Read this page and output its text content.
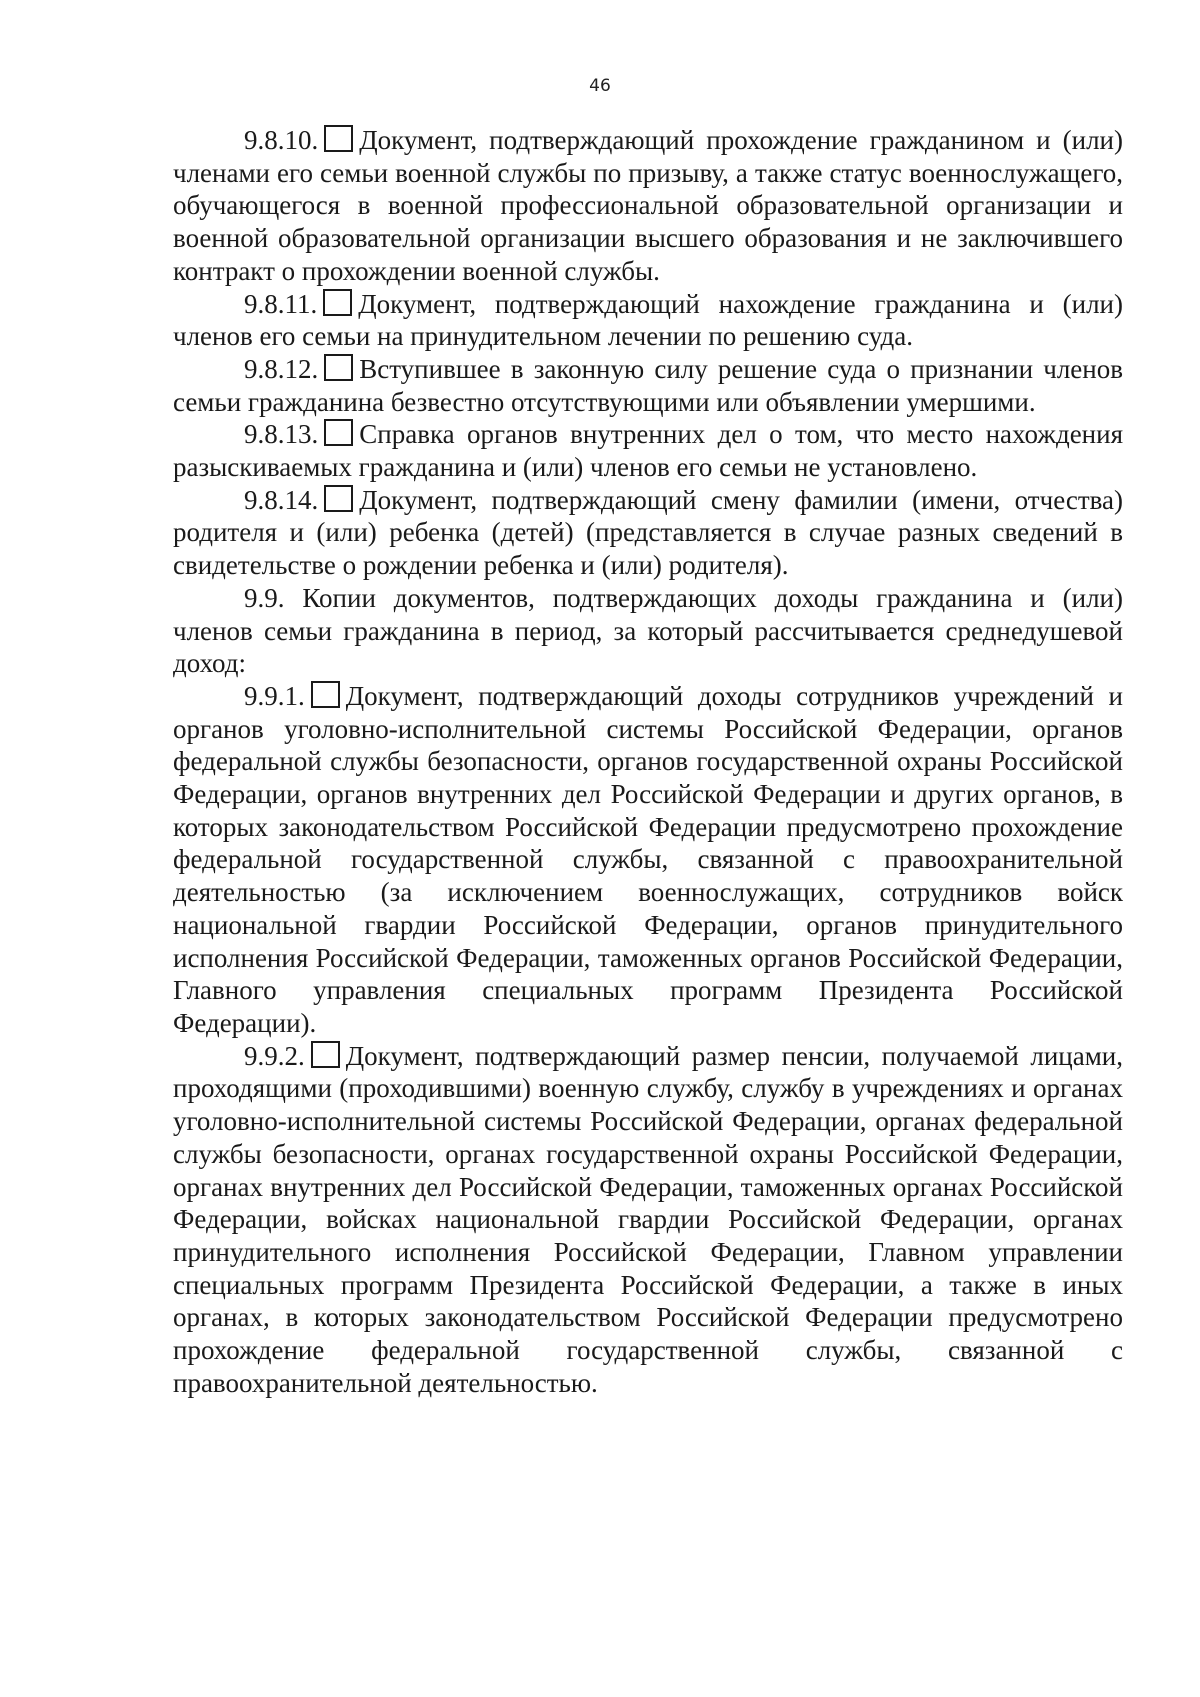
46

9.8.10. Документ, подтверждающий прохождение гражданином и (или) членами его семьи военной службы по призыву, а также статус военнослужащего, обучающегося в военной профессиональной образовательной организации и военной образовательной организации высшего образования и не заключившего контракт о прохождении военной службы.

9.8.11. Документ, подтверждающий нахождение гражданина и (или) членов его семьи на принудительном лечении по решению суда.

9.8.12. Вступившее в законную силу решение суда о признании членов семьи гражданина безвестно отсутствующими или объявлении умершими.

9.8.13. Справка органов внутренних дел о том, что место нахождения разыскиваемых гражданина и (или) членов его семьи не установлено.

9.8.14. Документ, подтверждающий смену фамилии (имени, отчества) родителя и (или) ребенка (детей) (представляется в случае разных сведений в свидетельстве о рождении ребенка и (или) родителя).

9.9. Копии документов, подтверждающих доходы гражданина и (или) членов семьи гражданина в период, за который рассчитывается среднедушевой доход:

9.9.1. Документ, подтверждающий доходы сотрудников учреждений и органов уголовно-исполнительной системы Российской Федерации, органов федеральной службы безопасности, органов государственной охраны Российской Федерации, органов внутренних дел Российской Федерации и других органов, в которых законодательством Российской Федерации предусмотрено прохождение федеральной государственной службы, связанной с правоохранительной деятельностью (за исключением военнослужащих, сотрудников войск национальной гвардии Российской Федерации, органов принудительного исполнения Российской Федерации, таможенных органов Российской Федерации, Главного управления специальных программ Президента Российской Федерации).

9.9.2. Документ, подтверждающий размер пенсии, получаемой лицами, проходящими (проходившими) военную службу, службу в учреждениях и органах уголовно-исполнительной системы Российской Федерации, органах федеральной службы безопасности, органах государственной охраны Российской Федерации, органах внутренних дел Российской Федерации, таможенных органах Российской Федерации, войсках национальной гвардии Российской Федерации, органах принудительного исполнения Российской Федерации, Главном управлении специальных программ Президента Российской Федерации, а также в иных органах, в которых законодательством Российской Федерации предусмотрено прохождение федеральной государственной службы, связанной с правоохранительной деятельностью.
